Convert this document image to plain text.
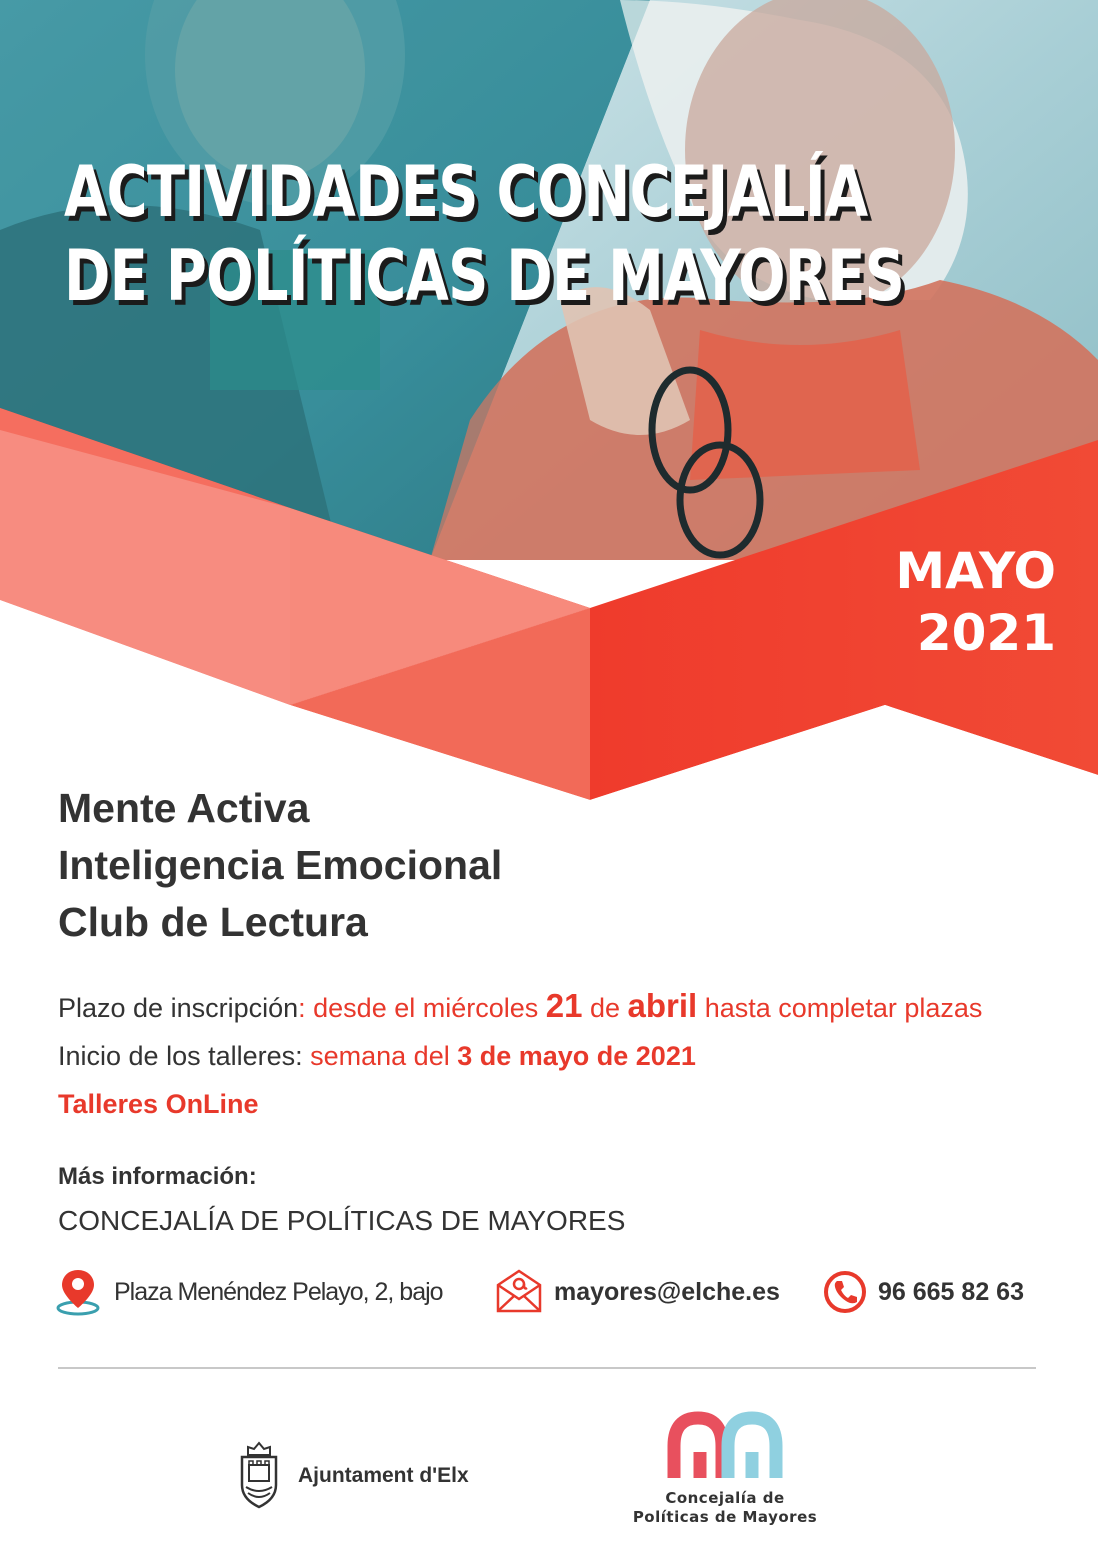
ACTIVIDADES CONCEJALÍA
DE POLÍTICAS DE MAYORES
MAYO
2021
Mente Activa
Inteligencia Emocional
Club de Lectura

Plazo de inscripción: desde el miércoles 21 de abril hasta completar plazas

Inicio de los talleres: semana del 3 de mayo de 2021

Talleres OnLine

Más información:
CONCEJALÍA DE POLÍTICAS DE MAYORES
Plaza Menéndez Pelayo, 2, bajo	mayores@elche.es	96 665 82 63
Ajuntament d'Elx
Concejalía de
Políticas de Mayores
